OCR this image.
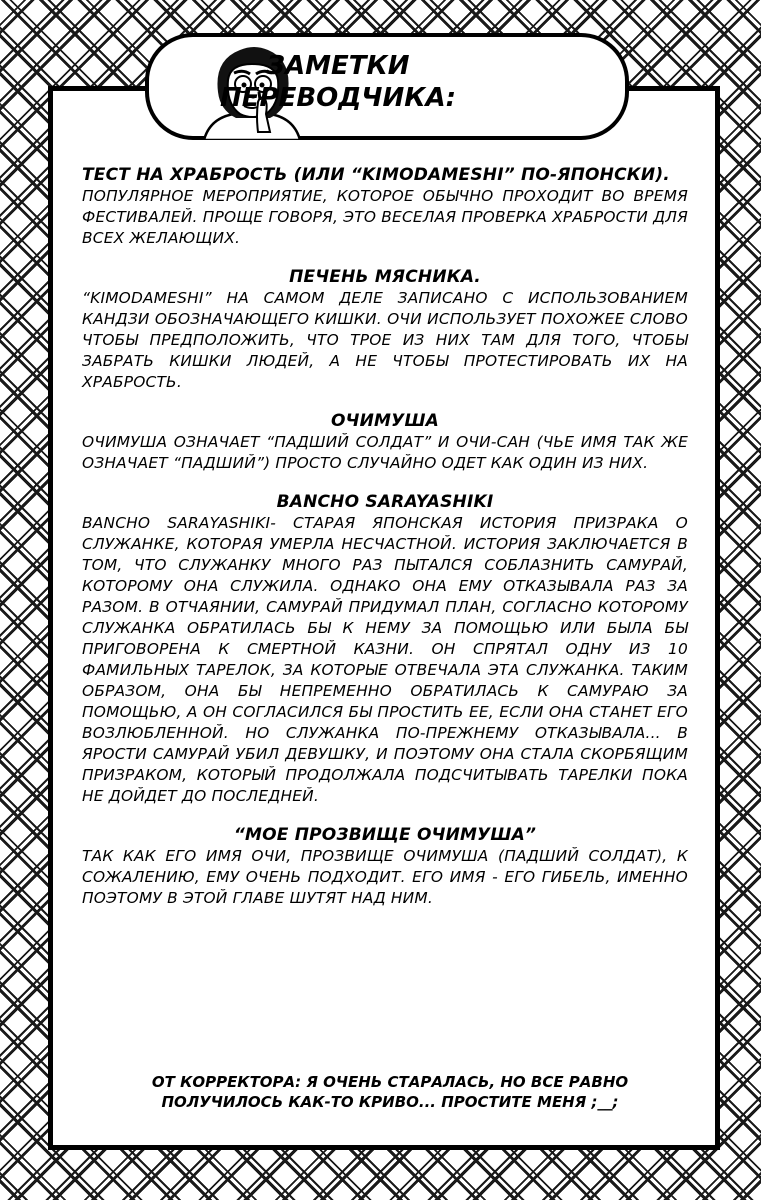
ЗАМЕТКИ
ПЕРЕВОДЧИКА:

ТЕСТ НА ХРАБРОСТЬ (ИЛИ “KIMODAMESHI” ПО-ЯПОНСКИ).

ПОПУЛЯРНОЕ МЕРОПРИЯТИЕ, КОТОРОЕ ОБЫЧНО ПРОХОДИТ ВО ВРЕМЯ ФЕСТИВАЛЕЙ. ПРОЩЕ ГОВОРЯ, ЭТО ВЕСЕЛАЯ ПРОВЕРКА ХРАБРОСТИ ДЛЯ ВСЕХ ЖЕЛАЮЩИХ.

ПЕЧЕНЬ МЯСНИКА.

“KIMODAMESHI” НА САМОМ ДЕЛЕ ЗАПИСАНО С ИСПОЛЬЗОВАНИЕМ КАНДЗИ ОБОЗНАЧАЮЩЕГО КИШКИ. ОЧИ ИСПОЛЬЗУЕТ ПОХОЖЕЕ СЛОВО ЧТОБЫ ПРЕДПОЛОЖИТЬ, ЧТО ТРОЕ ИЗ НИХ ТАМ ДЛЯ ТОГО, ЧТОБЫ ЗАБРАТЬ КИШКИ ЛЮДЕЙ, А НЕ ЧТОБЫ ПРОТЕСТИРОВАТЬ ИХ НА ХРАБРОСТЬ.

ОЧИМУША

ОЧИМУША ОЗНАЧАЕТ “ПАДШИЙ СОЛДАТ” И ОЧИ-САН (ЧЬЕ ИМЯ ТАК ЖЕ ОЗНАЧАЕТ “ПАДШИЙ”) ПРОСТО СЛУЧАЙНО ОДЕТ КАК ОДИН ИЗ НИХ.

BANCHO SARAYASHIKI

BANCHO SARAYASHIKI- СТАРАЯ ЯПОНСКАЯ ИСТОРИЯ ПРИЗРАКА О СЛУЖАНКЕ, КОТОРАЯ УМЕРЛА НЕСЧАСТНОЙ. ИСТОРИЯ ЗАКЛЮЧАЕТСЯ В ТОМ, ЧТО СЛУЖАНКУ МНОГО РАЗ ПЫТАЛСЯ СОБЛАЗНИТЬ САМУРАЙ, КОТОРОМУ ОНА СЛУЖИЛА. ОДНАКО ОНА ЕМУ ОТКАЗЫВАЛА РАЗ ЗА РАЗОМ. В ОТЧАЯНИИ, САМУРАЙ ПРИДУМАЛ ПЛАН, СОГЛАСНО КОТОРОМУ СЛУЖАНКА ОБРАТИЛАСЬ БЫ К НЕМУ ЗА ПОМОЩЬЮ ИЛИ БЫЛА БЫ ПРИГОВОРЕНА К СМЕРТНОЙ КАЗНИ. ОН СПРЯТАЛ ОДНУ ИЗ 10 ФАМИЛЬНЫХ ТАРЕЛОК, ЗА КОТОРЫЕ ОТВЕЧАЛА ЭТА СЛУЖАНКА. ТАКИМ ОБРАЗОМ, ОНА БЫ НЕПРЕМЕННО ОБРАТИЛАСЬ К САМУРАЮ ЗА ПОМОЩЬЮ, А ОН СОГЛАСИЛСЯ БЫ ПРОСТИТЬ ЕЕ, ЕСЛИ ОНА СТАНЕТ ЕГО ВОЗЛЮБЛЕННОЙ. НО СЛУЖАНКА ПО-ПРЕЖНЕМУ ОТКАЗЫВАЛА... В ЯРОСТИ САМУРАЙ УБИЛ ДЕВУШКУ, И ПОЭТОМУ ОНА СТАЛА СКОРБЯЩИМ ПРИЗРАКОМ, КОТОРЫЙ ПРОДОЛЖАЛА ПОДСЧИТЫВАТЬ ТАРЕЛКИ ПОКА НЕ ДОЙДЕТ ДО ПОСЛЕДНЕЙ.

“МОЕ ПРОЗВИЩЕ ОЧИМУША”

ТАК КАК ЕГО ИМЯ ОЧИ, ПРОЗВИЩЕ ОЧИМУША (ПАДШИЙ СОЛДАТ), К СОЖАЛЕНИЮ, ЕМУ ОЧЕНЬ ПОДХОДИТ. ЕГО ИМЯ - ЕГО ГИБЕЛЬ, ИМЕННО ПОЭТОМУ В ЭТОЙ ГЛАВЕ ШУТЯТ НАД НИМ.

ОТ КОРРЕКТОРА: Я ОЧЕНЬ СТАРАЛАСЬ, НО ВСЕ РАВНО
ПОЛУЧИЛОСЬ КАК-ТО КРИВО... ПРОСТИТЕ МЕНЯ ;__;
